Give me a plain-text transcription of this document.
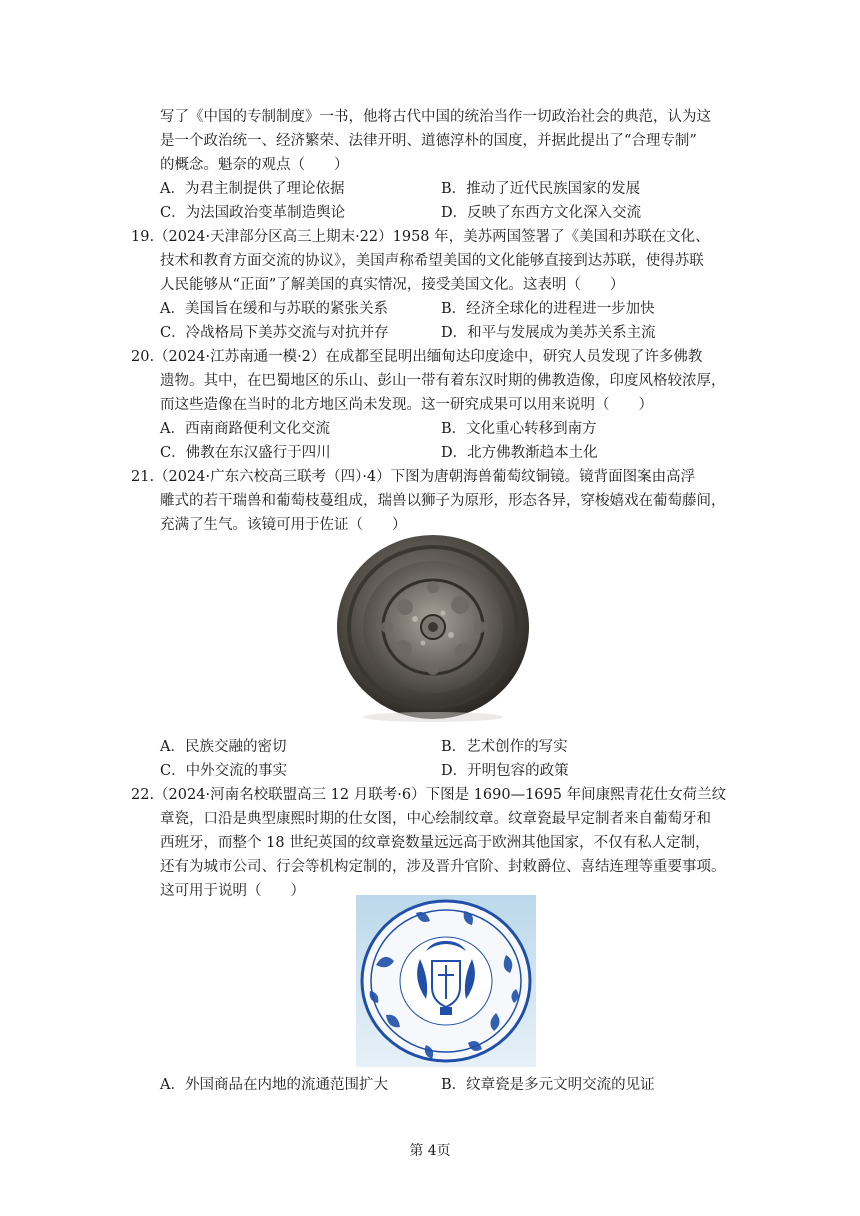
写了《中国的专制制度》一书，他将古代中国的统治当作一切政治社会的典范，认为这
是一个政治统一、经济繁荣、法律开明、道德淳朴的国度，并据此提出了“合理专制”
的概念。魁奈的观点（　　）
A．为君主制提供了理论依据	B．推动了近代民族国家的发展
C．为法国政治变革制造舆论	D．反映了东西方文化深入交流
19.（2024·天津部分区高三上期末·22）1958 年，美苏两国签署了《美国和苏联在文化、
技术和教育方面交流的协议》，美国声称希望美国的文化能够直接到达苏联，使得苏联
人民能够从“正面”了解美国的真实情况，接受美国文化。这表明（　　）
A．美国旨在缓和与苏联的紧张关系	B．经济全球化的进程进一步加快
C．冷战格局下美苏交流与对抗并存	D．和平与发展成为美苏关系主流
20.（2024·江苏南通一模·2）在成都至昆明出缅甸达印度途中，研究人员发现了许多佛教
遗物。其中，在巴蜀地区的乐山、彭山一带有着东汉时期的佛教造像，印度风格较浓厚，
而这些造像在当时的北方地区尚未发现。这一研究成果可以用来说明（　　）
A．西南商路便利文化交流	B．文化重心转移到南方
C．佛教在东汉盛行于四川	D．北方佛教渐趋本土化
21.（2024·广东六校高三联考（四）·4）下图为唐朝海兽葡萄纹铜镜。镜背面图案由高浮
雕式的若干瑞兽和葡萄枝蔓组成，瑞兽以狮子为原形，形态各异，穿梭嬉戏在葡萄藤间，
充满了生气。该镜可用于佐证（　　）
A．民族交融的密切	B．艺术创作的写实
C．中外交流的事实	D．开明包容的政策
22.（2024·河南名校联盟高三 12 月联考·6）下图是 1690—1695 年间康熙青花仕女荷兰纹
章瓷，口沿是典型康熙时期的仕女图，中心绘制纹章。纹章瓷最早定制者来自葡萄牙和
西班牙，而整个 18 世纪英国的纹章瓷数量远远高于欧洲其他国家，不仅有私人定制，
还有为城市公司、行会等机构定制的，涉及晋升官阶、封敕爵位、喜结连理等重要事项。
这可用于说明（　　）
A．外国商品在内地的流通范围扩大	B．纹章瓷是多元文明交流的见证
第 4页
